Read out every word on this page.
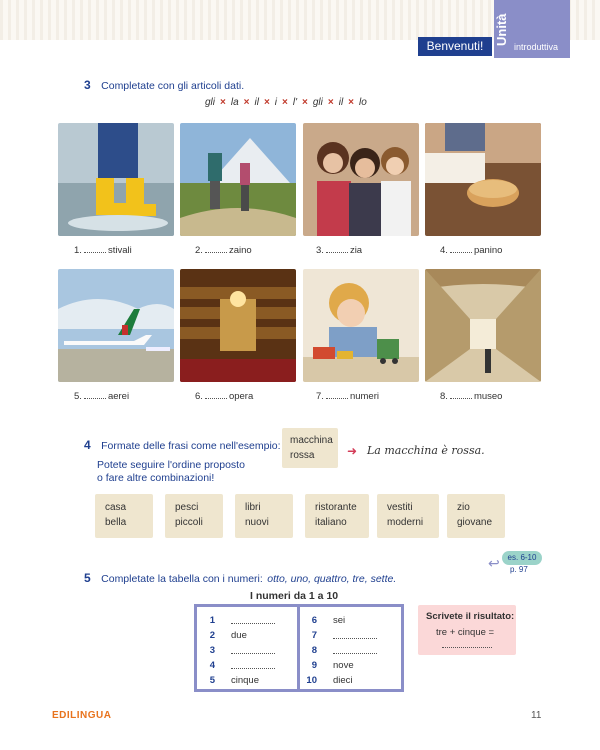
Benvenuti! Unità
introduttiva
3 Completate con gli articoli dati.
gli × la × il × i × l' × gli × il × lo
1.	stivali	2.	zaino	3.	zia	4.	panino
5.	aerei	6.	opera	7.	numeri	8.	museo
4 Formate delle frasi come nell'esempio:
Potete seguire l'ordine proposto
o fare altre combinazioni!
macchina
rossa	➜ La macchina è rossa.
casa
bella
pesci
piccoli
libri
nuovi
ristorante
italiano
vestiti
moderni
zio
giovane
↩ es. 6-10
p. 97
5 Completate la tabella con i numeri: otto, uno, quattro, tre, sette.
I numeri da 1 a 10
1
2 due
3
4
5 cinque
6 sei
7
8
9 nove
10 dieci
Scrivete il risultato:
tre + cinque =
EDILINGUA	11
